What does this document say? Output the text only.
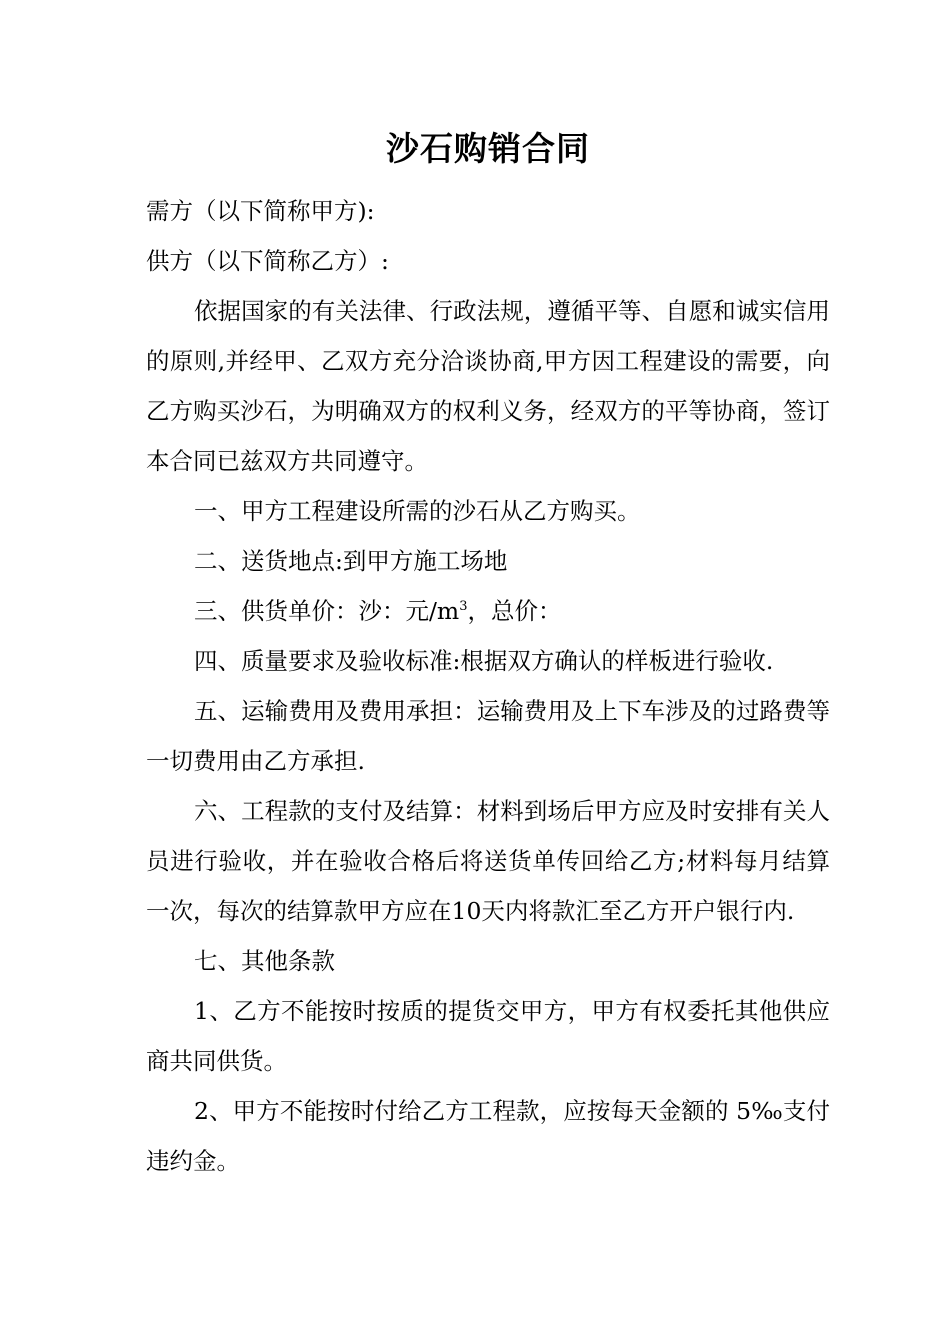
沙石购销合同

需方（以下简称甲方):

供方（以下简称乙方）:

依据国家的有关法律、行政法规，遵循平等、自愿和诚实信用的原则,并经甲、乙双方充分洽谈协商,甲方因工程建设的需要，向乙方购买沙石，为明确双方的权利义务，经双方的平等协商，签订本合同已兹双方共同遵守。

一、甲方工程建设所需的沙石从乙方购买。

二、送货地点:到甲方施工场地

三、供货单价：沙：元$/m^3$，总价：

四、质量要求及验收标准:根据双方确认的样板进行验收.

五、运输费用及费用承担：运输费用及上下车涉及的过路费等一切费用由乙方承担.

六、工程款的支付及结算：材料到场后甲方应及时安排有关人员进行验收，并在验收合格后将送货单传回给乙方;材料每月结算一次，每次的结算款甲方应在10天内将款汇至乙方开户银行内.

七、其他条款

1、乙方不能按时按质的提货交甲方，甲方有权委托其他供应商共同供货。

2、甲方不能按时付给乙方工程款，应按每天金额的 5‰支付违约金。
